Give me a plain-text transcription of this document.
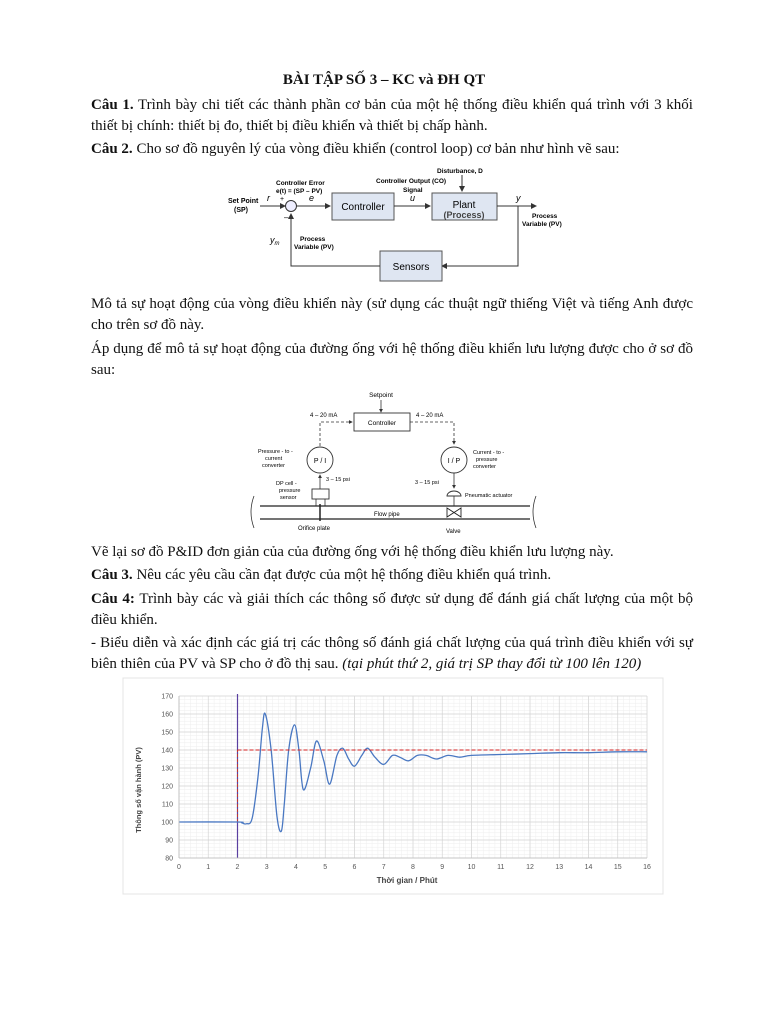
BÀI TẬP SỐ 3 – KC và ĐH QT
Câu 1. Trình bày chi tiết các thành phần cơ bản của một hệ thống điều khiển quá trình với 3 khối thiết bị chính: thiết bị đo, thiết bị điều khiển và thiết bị chấp hành.
Câu 2. Cho sơ đồ nguyên lý của vòng điều khiển (control loop) cơ bản như hình vẽ sau:
Set Point
(SP)
r +
–
Controller Error
e(t) = (SP – PV)
e
Controller
Controller Output (CO)
Signal
u
Disturbance, D
Plant
(Process)
y
Process
Variable (PV)
Sensors
$y_m$
Process
Variable (PV)
Mô tả sự hoạt động của vòng điều khiển này (sử dụng các thuật ngữ thiếng Việt và tiếng Anh được cho trên sơ đồ này.
Áp dụng để mô tả sự hoạt động của đường ống với hệ thống điều khiển lưu lượng được cho ở sơ đồ sau:
Setpoint
Controller
4 – 20 mA	4 – 20 mA
P / I
Pressure - to -
current
converter
I / P
Current - to -
pressure
converter
3 – 15 psi	3 – 15 psi
DP cell -
pressure
sensor	Pneumatic actuator
Flow pipe
Orifice plate	Valve
Vẽ lại sơ đồ P&ID đơn giản của của đường ống với hệ thống điều khiển lưu lượng này.
Câu 3. Nêu các yêu cầu cần đạt được của một hệ thống điều khiển quá trình.
Câu 4: Trình bày các và giải thích các thông số được sử dụng để đánh giá chất lượng của một bộ điều khiển.
- Biểu diễn và xác định các giá trị các thông số đánh giá chất lượng của quá trình điều khiển với sự biên thiên của PV và SP cho ở đồ thị sau. (tại phút thứ 2, giá trị SP thay đổi từ 100 lên 120)
0	1	2	3	4	5	6	7	8	9	10	11	12	13	14	15	16
80
90
100
110
120
130
140
150
160
170
Thời gian / Phút
Thông số vận hành (PV)
